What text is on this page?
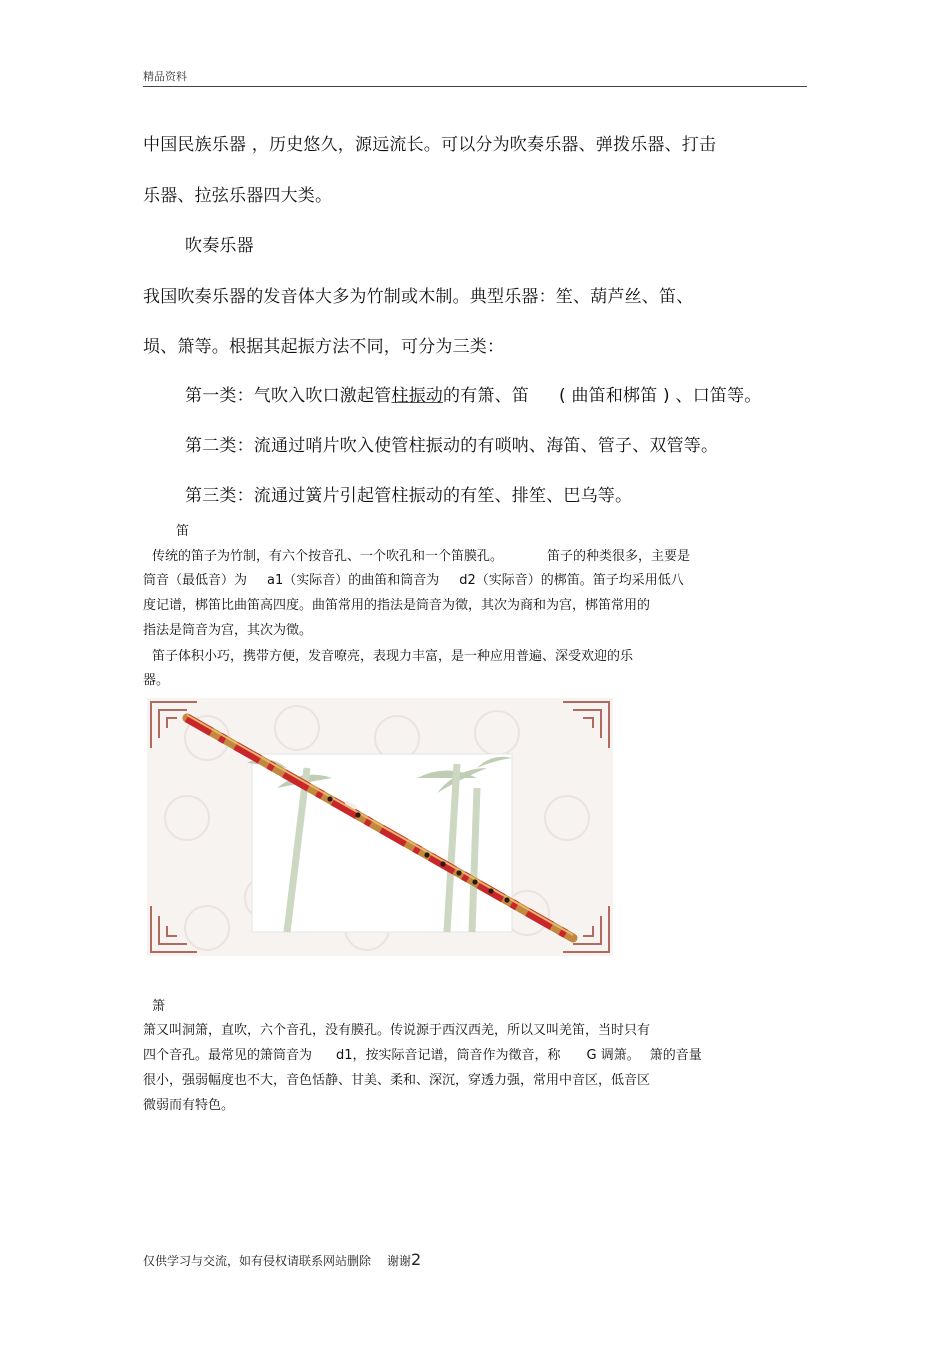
精品资料
中国民族乐器 ，历史悠久，源远流长。可以分为吹奏乐器、弹拨乐器、打击
乐器、拉弦乐器四大类。
吹奏乐器
我国吹奏乐器的发音体大多为竹制或木制。典型乐器：笙、葫芦丝、笛、
埙、箫等。根据其起振方法不同，可分为三类：
第一类：气吹入吹口激起管柱振动的有箫、笛 ( 曲笛和梆笛 ) 、口笛等。
第二类：流通过哨片吹入使管柱振动的有唢呐、海笛、管子、双管等。
第三类：流通过簧片引起管柱振动的有笙、排笙、巴乌等。
笛
传统的笛子为竹制，有六个按音孔、一个吹孔和一个笛膜孔。	笛子的种类很多，主要是
筒音（最低音）为 a1（实际音）的曲笛和筒音为 d2（实际音）的梆笛。笛子均采用低八
度记谱，梆笛比曲笛高四度。曲笛常用的指法是筒音为徵，其次为商和为宫，梆笛常用的
指法是筒音为宫，其次为徵。
笛子体积小巧，携带方便，发音嘹亮，表现力丰富，是一种应用普遍、深受欢迎的乐
器。
箫
箫又叫洞箫，直吹，六个音孔，没有膜孔。传说源于西汉西羌，所以又叫羌笛，当时只有
四个音孔。最常见的箫筒音为 d1，按实际音记谱，筒音作为徵音，称 G 调箫。 箫的音量
很小，强弱幅度也不大，音色恬静、甘美、柔和、深沉，穿透力强，常用中音区，低音区
微弱而有特色。
仅供学习与交流，如有侵权请联系网站删除 谢谢2
